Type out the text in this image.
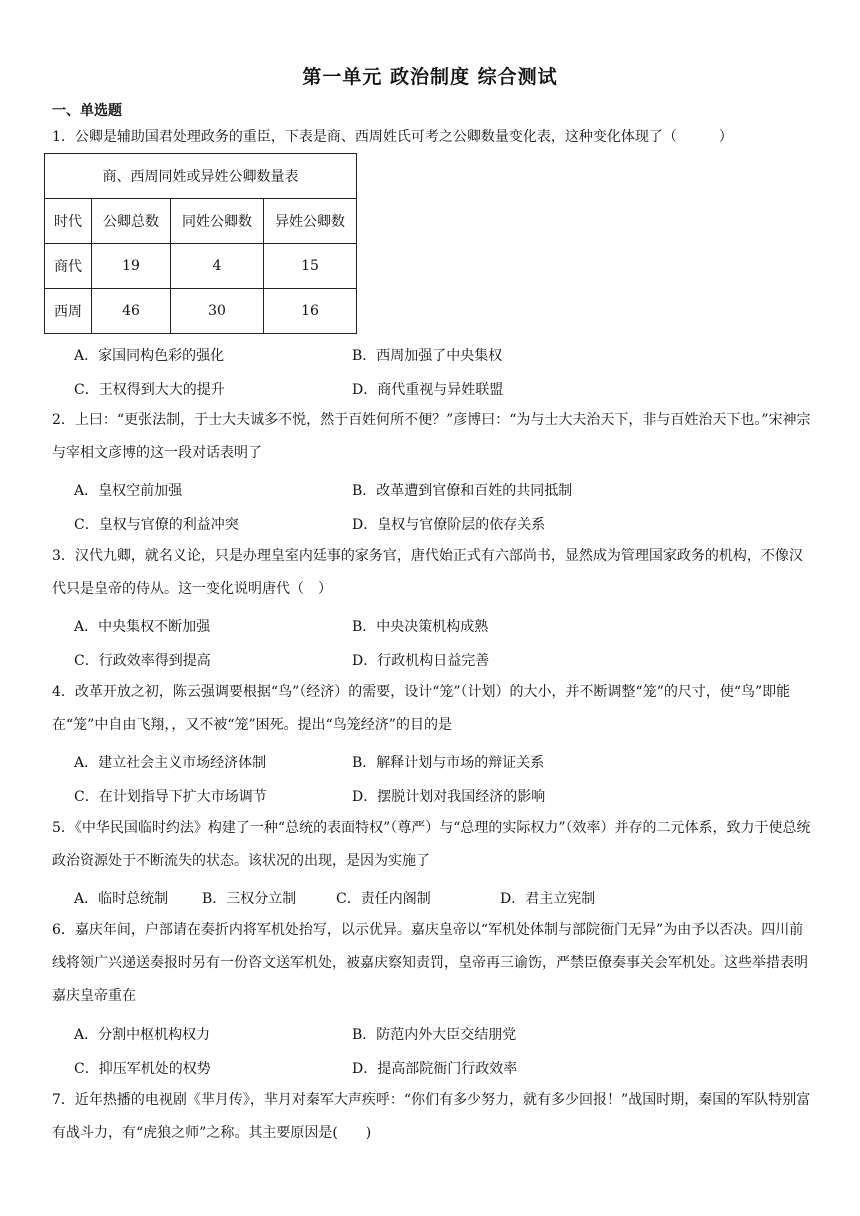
第一单元 政治制度 综合测试
一、单选题
1．公卿是辅助国君处理政务的重臣，下表是商、西周姓氏可考之公卿数量变化表，这种变化体现了（　　　）
商、西周同姓或异姓公卿数量表			
时代	公卿总数	同姓公卿数	异姓公卿数
商代	19	4	15
西周	46	30	16
A．家国同构色彩的强化	B．西周加强了中央集权
C．王权得到大大的提升	D．商代重视与异姓联盟
2．上曰：“更张法制，于士大夫诚多不悦，然于百姓何所不便？”彦博曰：“为与士大夫治天下，非与百姓治天下也。”宋神宗与宰相文彦博的这一段对话表明了
A．皇权空前加强	B．改革遭到官僚和百姓的共同抵制
C．皇权与官僚的利益冲突	D．皇权与官僚阶层的依存关系
3．汉代九卿，就名义论，只是办理皇室内廷事的家务官，唐代始正式有六部尚书，显然成为管理国家政务的机构，不像汉代只是皇帝的侍从。这一变化说明唐代（　）
A．中央集权不断加强	B．中央决策机构成熟
C．行政效率得到提高	D．行政机构日益完善
4．改革开放之初，陈云强调要根据“鸟”（经济）的需要，设计“笼”（计划）的大小，并不断调整“笼”的尺寸，使“鸟”即能在“笼”中自由飞翔，，又不被“笼”困死。提出“鸟笼经济”的目的是
A．建立社会主义市场经济体制	B．解释计划与市场的辩证关系
C．在计划指导下扩大市场调节	D．摆脱计划对我国经济的影响
5．《中华民国临时约法》构建了一种“总统的表面特权”（尊严）与“总理的实际权力”（效率）并存的二元体系，致力于使总统政治资源处于不断流失的状态。该状况的出现，是因为实施了
A．临时总统制 B．三权分立制	C．责任内阁制	D．君主立宪制
6．嘉庆年间，户部请在奏折内将军机处抬写，以示优异。嘉庆皇帝以“军机处体制与部院衙门无异”为由予以否决。四川前线将领广兴递送奏报时另有一份咨文送军机处，被嘉庆察知责罚，皇帝再三谕饬，严禁臣僚奏事关会军机处。这些举措表明嘉庆皇帝重在
A．分割中枢机构权力	B．防范内外大臣交结朋党
C．抑压军机处的权势	D．提高部院衙门行政效率
7．近年热播的电视剧《芈月传》，芈月对秦军大声疾呼：“你们有多少努力，就有多少回报！”战国时期，秦国的军队特别富有战斗力，有“虎狼之师”之称。其主要原因是(　　)
